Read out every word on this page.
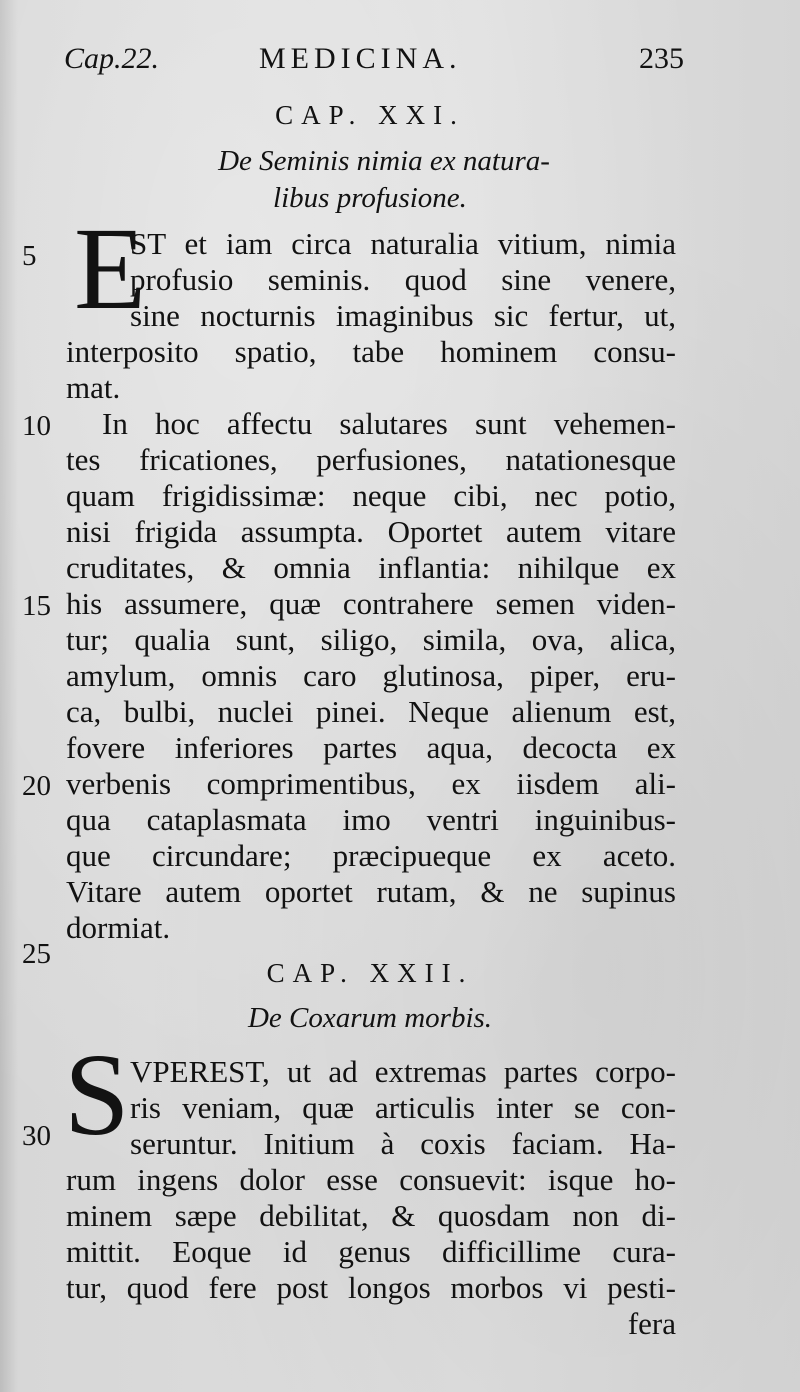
Cap.22.	MEDICINA.	235
CAP. XXI.
De Seminis nimia ex natura-
libus profusione.
E
ST et iam circa naturalia vitium, nimia
profusio seminis. quod sine venere,
sine nocturnis imaginibus sic fertur, ut,
interposito spatio, tabe hominem consu-
mat.
In hoc affectu salutares sunt vehemen-
tes fricationes, perfusiones, natationesque
quam frigidissimæ: neque cibi, nec potio,
nisi frigida assumpta. Oportet autem vitare
cruditates, & omnia inflantia: nihilque ex
his assumere, quæ contrahere semen viden-
tur; qualia sunt, siligo, simila, ova, alica,
amylum, omnis caro glutinosa, piper, eru-
ca, bulbi, nuclei pinei. Neque alienum est,
fovere inferiores partes aqua, decocta ex
verbenis comprimentibus, ex iisdem ali-
qua cataplasmata imo ventri inguinibus-
que circundare; præcipueque ex aceto.
Vitare autem oportet rutam, & ne supinus
dormiat.
CAP. XXII.
De Coxarum morbis.
S VPEREST, ut ad extremas partes corpo-
ris veniam, quæ articulis inter se con-
seruntur. Initium à coxis faciam. Ha-
rum ingens dolor esse consuevit: isque ho-
minem sæpe debilitat, & quosdam non di-
mittit. Eoque id genus difficillime cura-
tur, quod fere post longos morbos vi pesti-
fera
5
10
15
20
25
30
